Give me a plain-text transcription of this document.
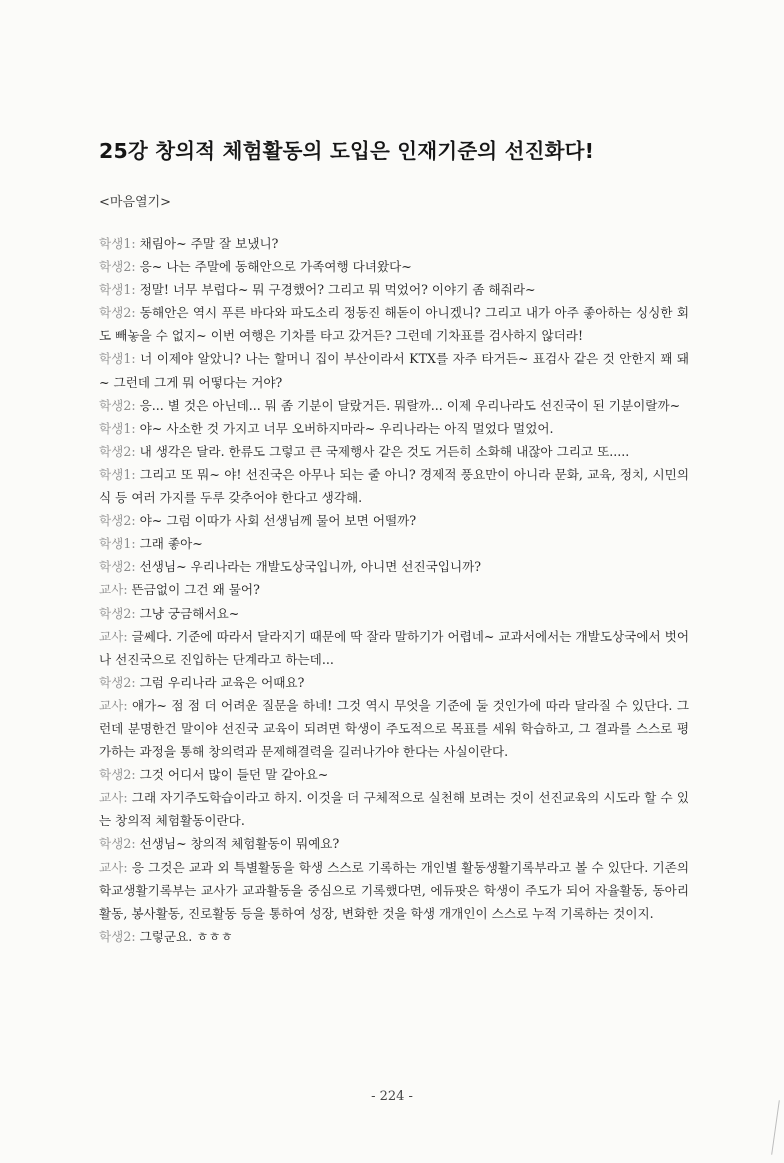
25강 창의적 체험활동의 도입은 인재기준의 선진화다!
<마음열기>

학생1: 채림아~ 주말 잘 보냈니?

학생2: 응~ 나는 주말에 동해안으로 가족여행 다녀왔다~

학생1: 정말! 너무 부럽다~ 뭐 구경했어? 그리고 뭐 먹었어? 이야기 좀 해줘라~

학생2: 동해안은 역시 푸른 바다와 파도소리 정동진 해돋이 아니겠니? 그리고 내가 아주 좋아하는 싱싱한 회도 빼놓을 수 없지~ 이번 여행은 기차를 타고 갔거든? 그런데 기차표를 검사하지 않더라!

학생1: 너 이제야 알았니? 나는 할머니 집이 부산이라서 KTX를 자주 타거든~ 표검사 같은 것 안한지 꽤 돼~ 그런데 그게 뭐 어떻다는 거야?

학생2: 응... 별 것은 아닌데... 뭐 좀 기분이 달랐거든. 뭐랄까... 이제 우리나라도 선진국이 된 기분이랄까~

학생1: 야~ 사소한 것 가지고 너무 오버하지마라~ 우리나라는 아직 멀었다 멀었어.

학생2: 내 생각은 달라. 한류도 그렇고 큰 국제행사 같은 것도 거든히 소화해 내잖아 그리고 또.....

학생1: 그리고 또 뭐~ 야! 선진국은 아무나 되는 줄 아니? 경제적 풍요만이 아니라 문화, 교육, 정치, 시민의식 등 여러 가지를 두루 갖추어야 한다고 생각해.

학생2: 야~ 그럼 이따가 사회 선생님께 물어 보면 어떨까?

학생1: 그래 좋아~

학생2: 선생님~ 우리나라는 개발도상국입니까, 아니면 선진국입니까?

교사: 뜬금없이 그건 왜 물어?

학생2: 그냥 궁금해서요~

교사: 글쎄다. 기준에 따라서 달라지기 때문에 딱 잘라 말하기가 어렵네~ 교과서에서는 개발도상국에서 벗어나 선진국으로 진입하는 단계라고 하는데...

학생2: 그럼 우리나라 교육은 어때요?

교사: 얘가~ 점 점 더 어려운 질문을 하네! 그것 역시 무엇을 기준에 둘 것인가에 따라 달라질 수 있단다. 그런데 분명한건 말이야 선진국 교육이 되려면 학생이 주도적으로 목표를 세워 학습하고, 그 결과를 스스로 평가하는 과정을 통해 창의력과 문제해결력을 길러나가야 한다는 사실이란다.

학생2: 그것 어디서 많이 들던 말 같아요~

교사: 그래 자기주도학습이라고 하지. 이것을 더 구체적으로 실천해 보려는 것이 선진교육의 시도라 할 수 있는 창의적 체험활동이란다.

학생2: 선생님~ 창의적 체험활동이 뭐예요?

교사: 응 그것은 교과 외 특별활동을 학생 스스로 기록하는 개인별 활동생활기록부라고 볼 수 있단다. 기존의 학교생활기록부는 교사가 교과활동을 중심으로 기록했다면, 에듀팟은 학생이 주도가 되어 자율활동, 동아리활동, 봉사활동, 진로활동 등을 통하여 성장, 변화한 것을 학생 개개인이 스스로 누적 기록하는 것이지.

학생2: 그렇군요. ㅎㅎㅎ

- 224 -
